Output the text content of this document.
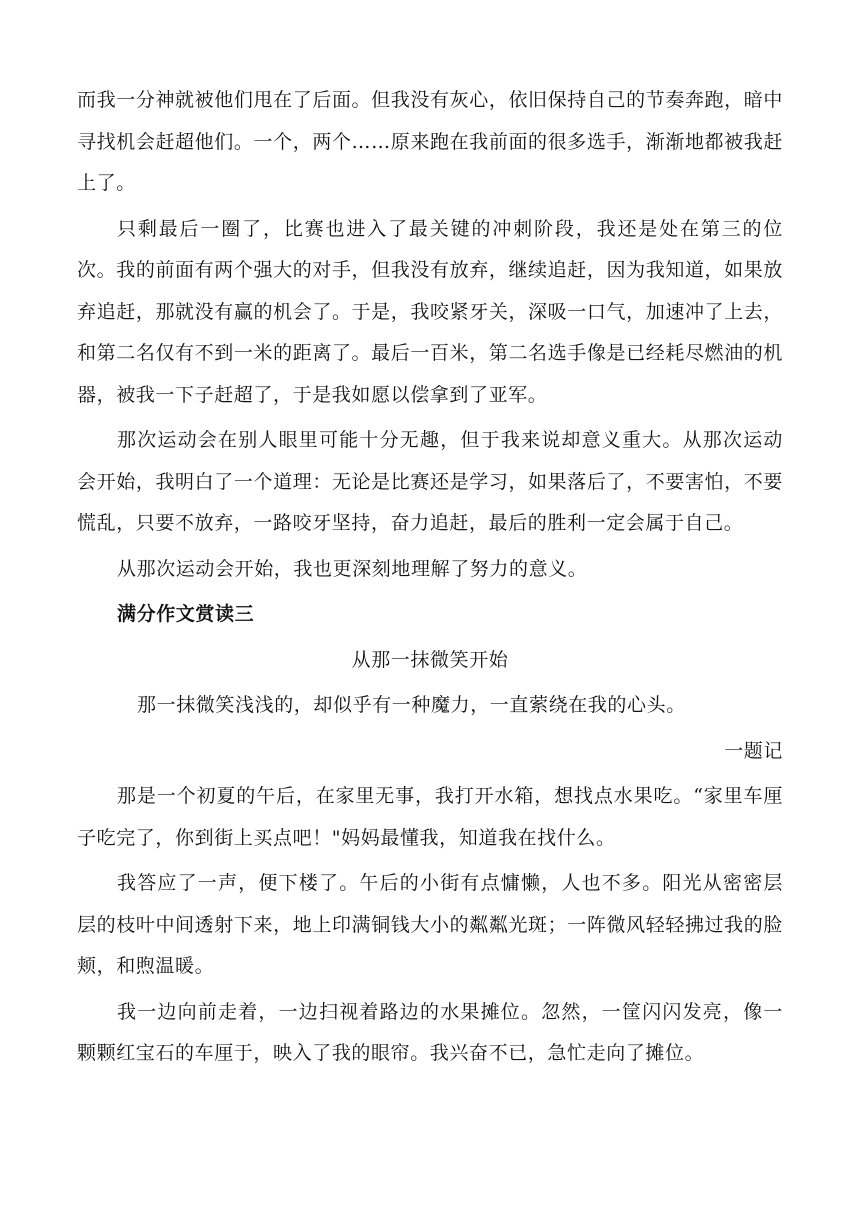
而我一分神就被他们甩在了后面。但我没有灰心，依旧保持自己的节奏奔跑，暗中寻找机会赶超他们。一个，两个……原来跑在我前面的很多选手，渐渐地都被我赶上了。

只剩最后一圈了，比赛也进入了最关键的冲刺阶段，我还是处在第三的位次。我的前面有两个强大的对手，但我没有放弃，继续追赶，因为我知道，如果放弃追赶，那就没有赢的机会了。于是，我咬紧牙关，深吸一口气，加速冲了上去，和第二名仅有不到一米的距离了。最后一百米，第二名选手像是已经耗尽燃油的机器，被我一下子赶超了，于是我如愿以偿拿到了亚军。

那次运动会在别人眼里可能十分无趣，但于我来说却意义重大。从那次运动会开始，我明白了一个道理：无论是比赛还是学习，如果落后了，不要害怕，不要慌乱，只要不放弃，一路咬牙坚持，奋力追赶，最后的胜利一定会属于自己。

从那次运动会开始，我也更深刻地理解了努力的意义。

满分作文赏读三

从那一抹微笑开始

那一抹微笑浅浅的，却似乎有一种魔力，一直萦绕在我的心头。

一题记

那是一个初夏的午后，在家里无事，我打开水箱，想找点水果吃。“家里车厘子吃完了，你到街上买点吧！"妈妈最懂我，知道我在找什么。

我答应了一声，便下楼了。午后的小街有点慵懒，人也不多。阳光从密密层层的枝叶中间透射下来，地上印满铜钱大小的粼粼光斑；一阵微风轻轻拂过我的脸颊，和煦温暖。

我一边向前走着，一边扫视着路边的水果摊位。忽然，一筐闪闪发亮，像一颗颗红宝石的车厘于，映入了我的眼帘。我兴奋不已，急忙走向了摊位。
